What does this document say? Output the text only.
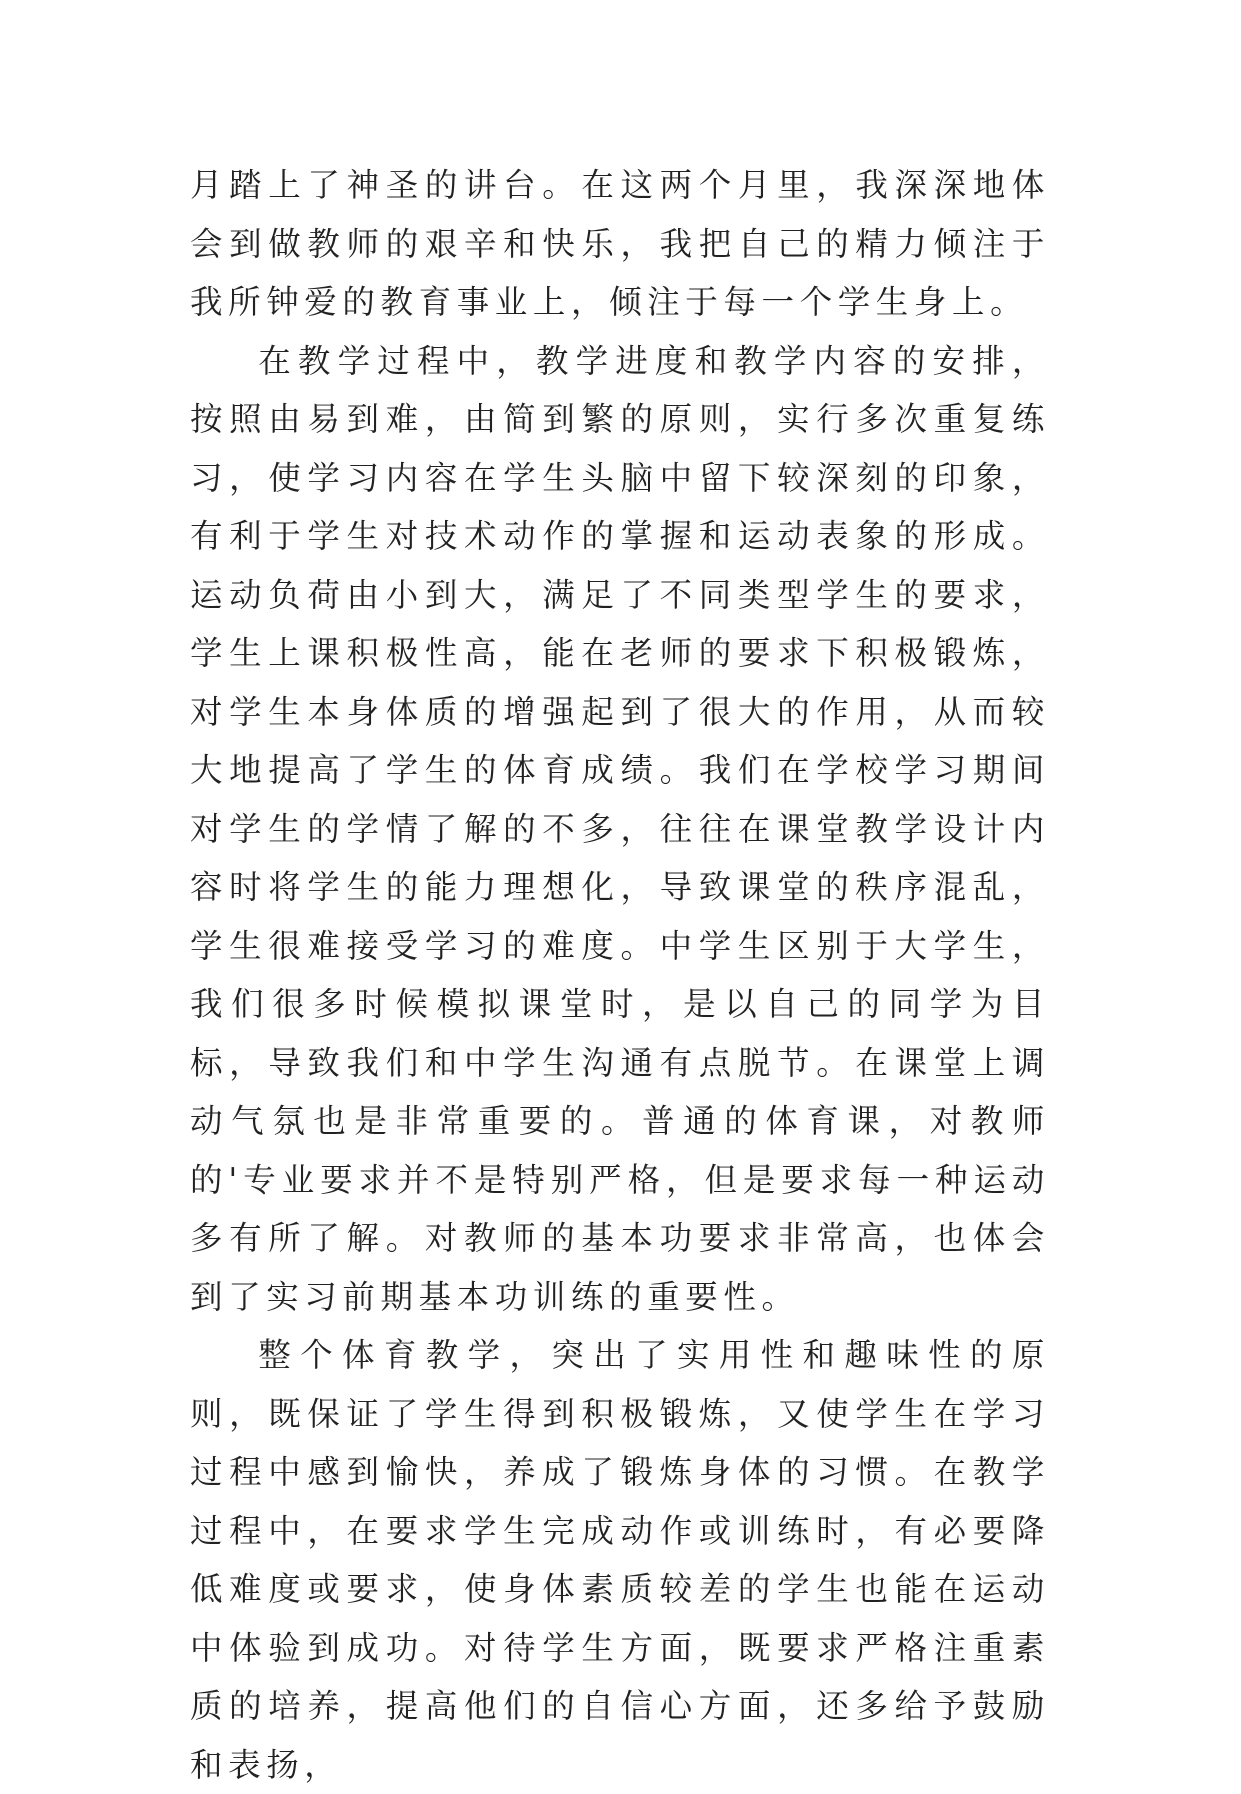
月踏上了神圣的讲台。在这两个月里，我深深地体会到做教师的艰辛和快乐，我把自己的精力倾注于我所钟爱的教育事业上，倾注于每一个学生身上。

在教学过程中，教学进度和教学内容的安排，按照由易到难，由简到繁的原则，实行多次重复练习，使学习内容在学生头脑中留下较深刻的印象，有利于学生对技术动作的掌握和运动表象的形成。运动负荷由小到大，满足了不同类型学生的要求，学生上课积极性高，能在老师的要求下积极锻炼，对学生本身体质的增强起到了很大的作用，从而较大地提高了学生的体育成绩。我们在学校学习期间对学生的学情了解的不多，往往在课堂教学设计内容时将学生的能力理想化，导致课堂的秩序混乱，学生很难接受学习的难度。中学生区别于大学生，我们很多时候模拟课堂时，是以自己的同学为目标，导致我们和中学生沟通有点脱节。在课堂上调动气氛也是非常重要的。普通的体育课，对教师的'专业要求并不是特别严格，但是要求每一种运动多有所了解。对教师的基本功要求非常高，也体会到了实习前期基本功训练的重要性。

整个体育教学，突出了实用性和趣味性的原则，既保证了学生得到积极锻炼，又使学生在学习过程中感到愉快，养成了锻炼身体的习惯。在教学过程中，在要求学生完成动作或训练时，有必要降低难度或要求，使身体素质较差的学生也能在运动中体验到成功。对待学生方面，既要求严格注重素质的培养，提高他们的自信心方面，还多给予鼓励和表扬，
